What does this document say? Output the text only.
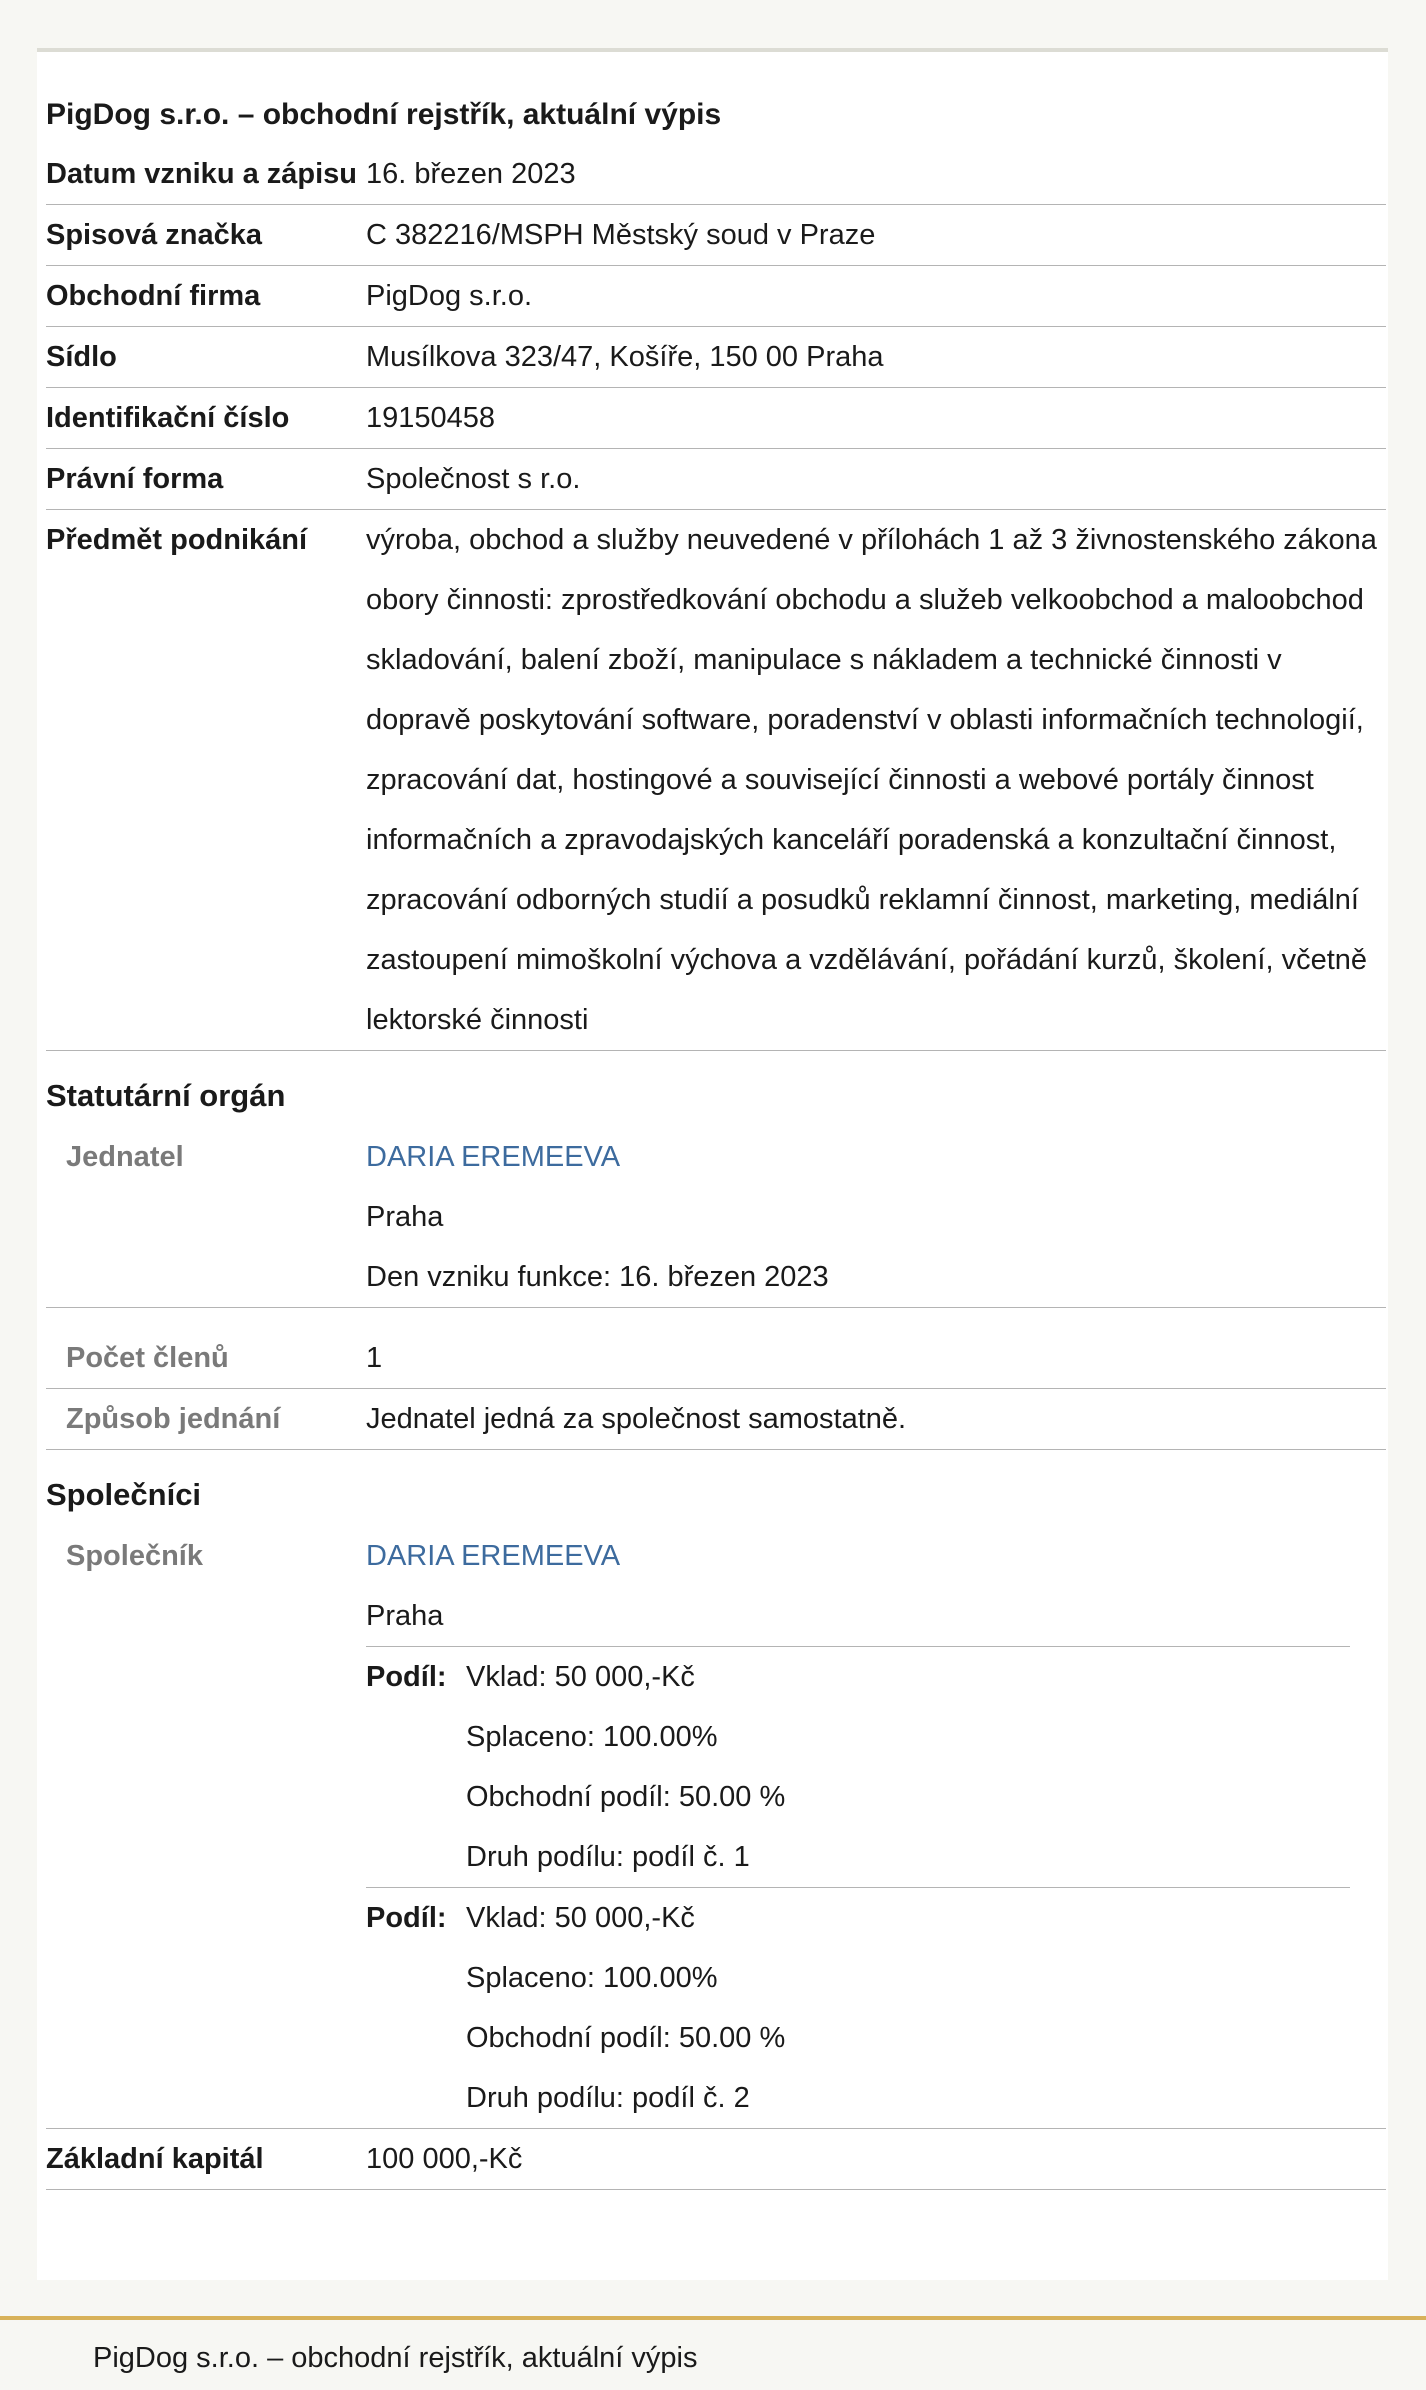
PigDog s.r.o. – obchodní rejstřík, aktuální výpis
Datum vzniku a zápisu 16. březen 2023
Spisová značka	C 382216/MSPH Městský soud v Praze
Obchodní firma	PigDog s.r.o.
Sídlo	Musílkova 323/47, Košíře, 150 00 Praha
Identifikační číslo	19150458
Právní forma	Společnost s r.o.
Předmět podnikání	výroba, obchod a služby neuvedené v přílohách 1 až 3 živnostenského zákona obory činnosti: zprostředkování obchodu a služeb velkoobchod a maloobchod skladování, balení zboží, manipulace s nákladem a technické činnosti v dopravě poskytování software, poradenství v oblasti informačních technologií, zpracování dat, hostingové a související činnosti a webové portály činnost informačních a zpravodajských kanceláří poradenská a konzultační činnost, zpracování odborných studií a posudků reklamní činnost, marketing, mediální zastoupení mimoškolní výchova a vzdělávání, pořádání kurzů, školení, včetně lektorské činnosti
Statutární orgán
Jednatel	DARIA EREMEEVA
Praha
Den vzniku funkce: 16. březen 2023
Počet členů	1
Způsob jednání	Jednatel jedná za společnost samostatně.
Společníci
Společník	DARIA EREMEEVA
Praha
Podíl: Vklad: 50 000,-Kč
Splaceno: 100.00%
Obchodní podíl: 50.00 %
Druh podílu: podíl č. 1
Podíl: Vklad: 50 000,-Kč
Splaceno: 100.00%
Obchodní podíl: 50.00 %
Druh podílu: podíl č. 2
Základní kapitál	100 000,-Kč
PigDog s.r.o. – obchodní rejstřík, aktuální výpis
